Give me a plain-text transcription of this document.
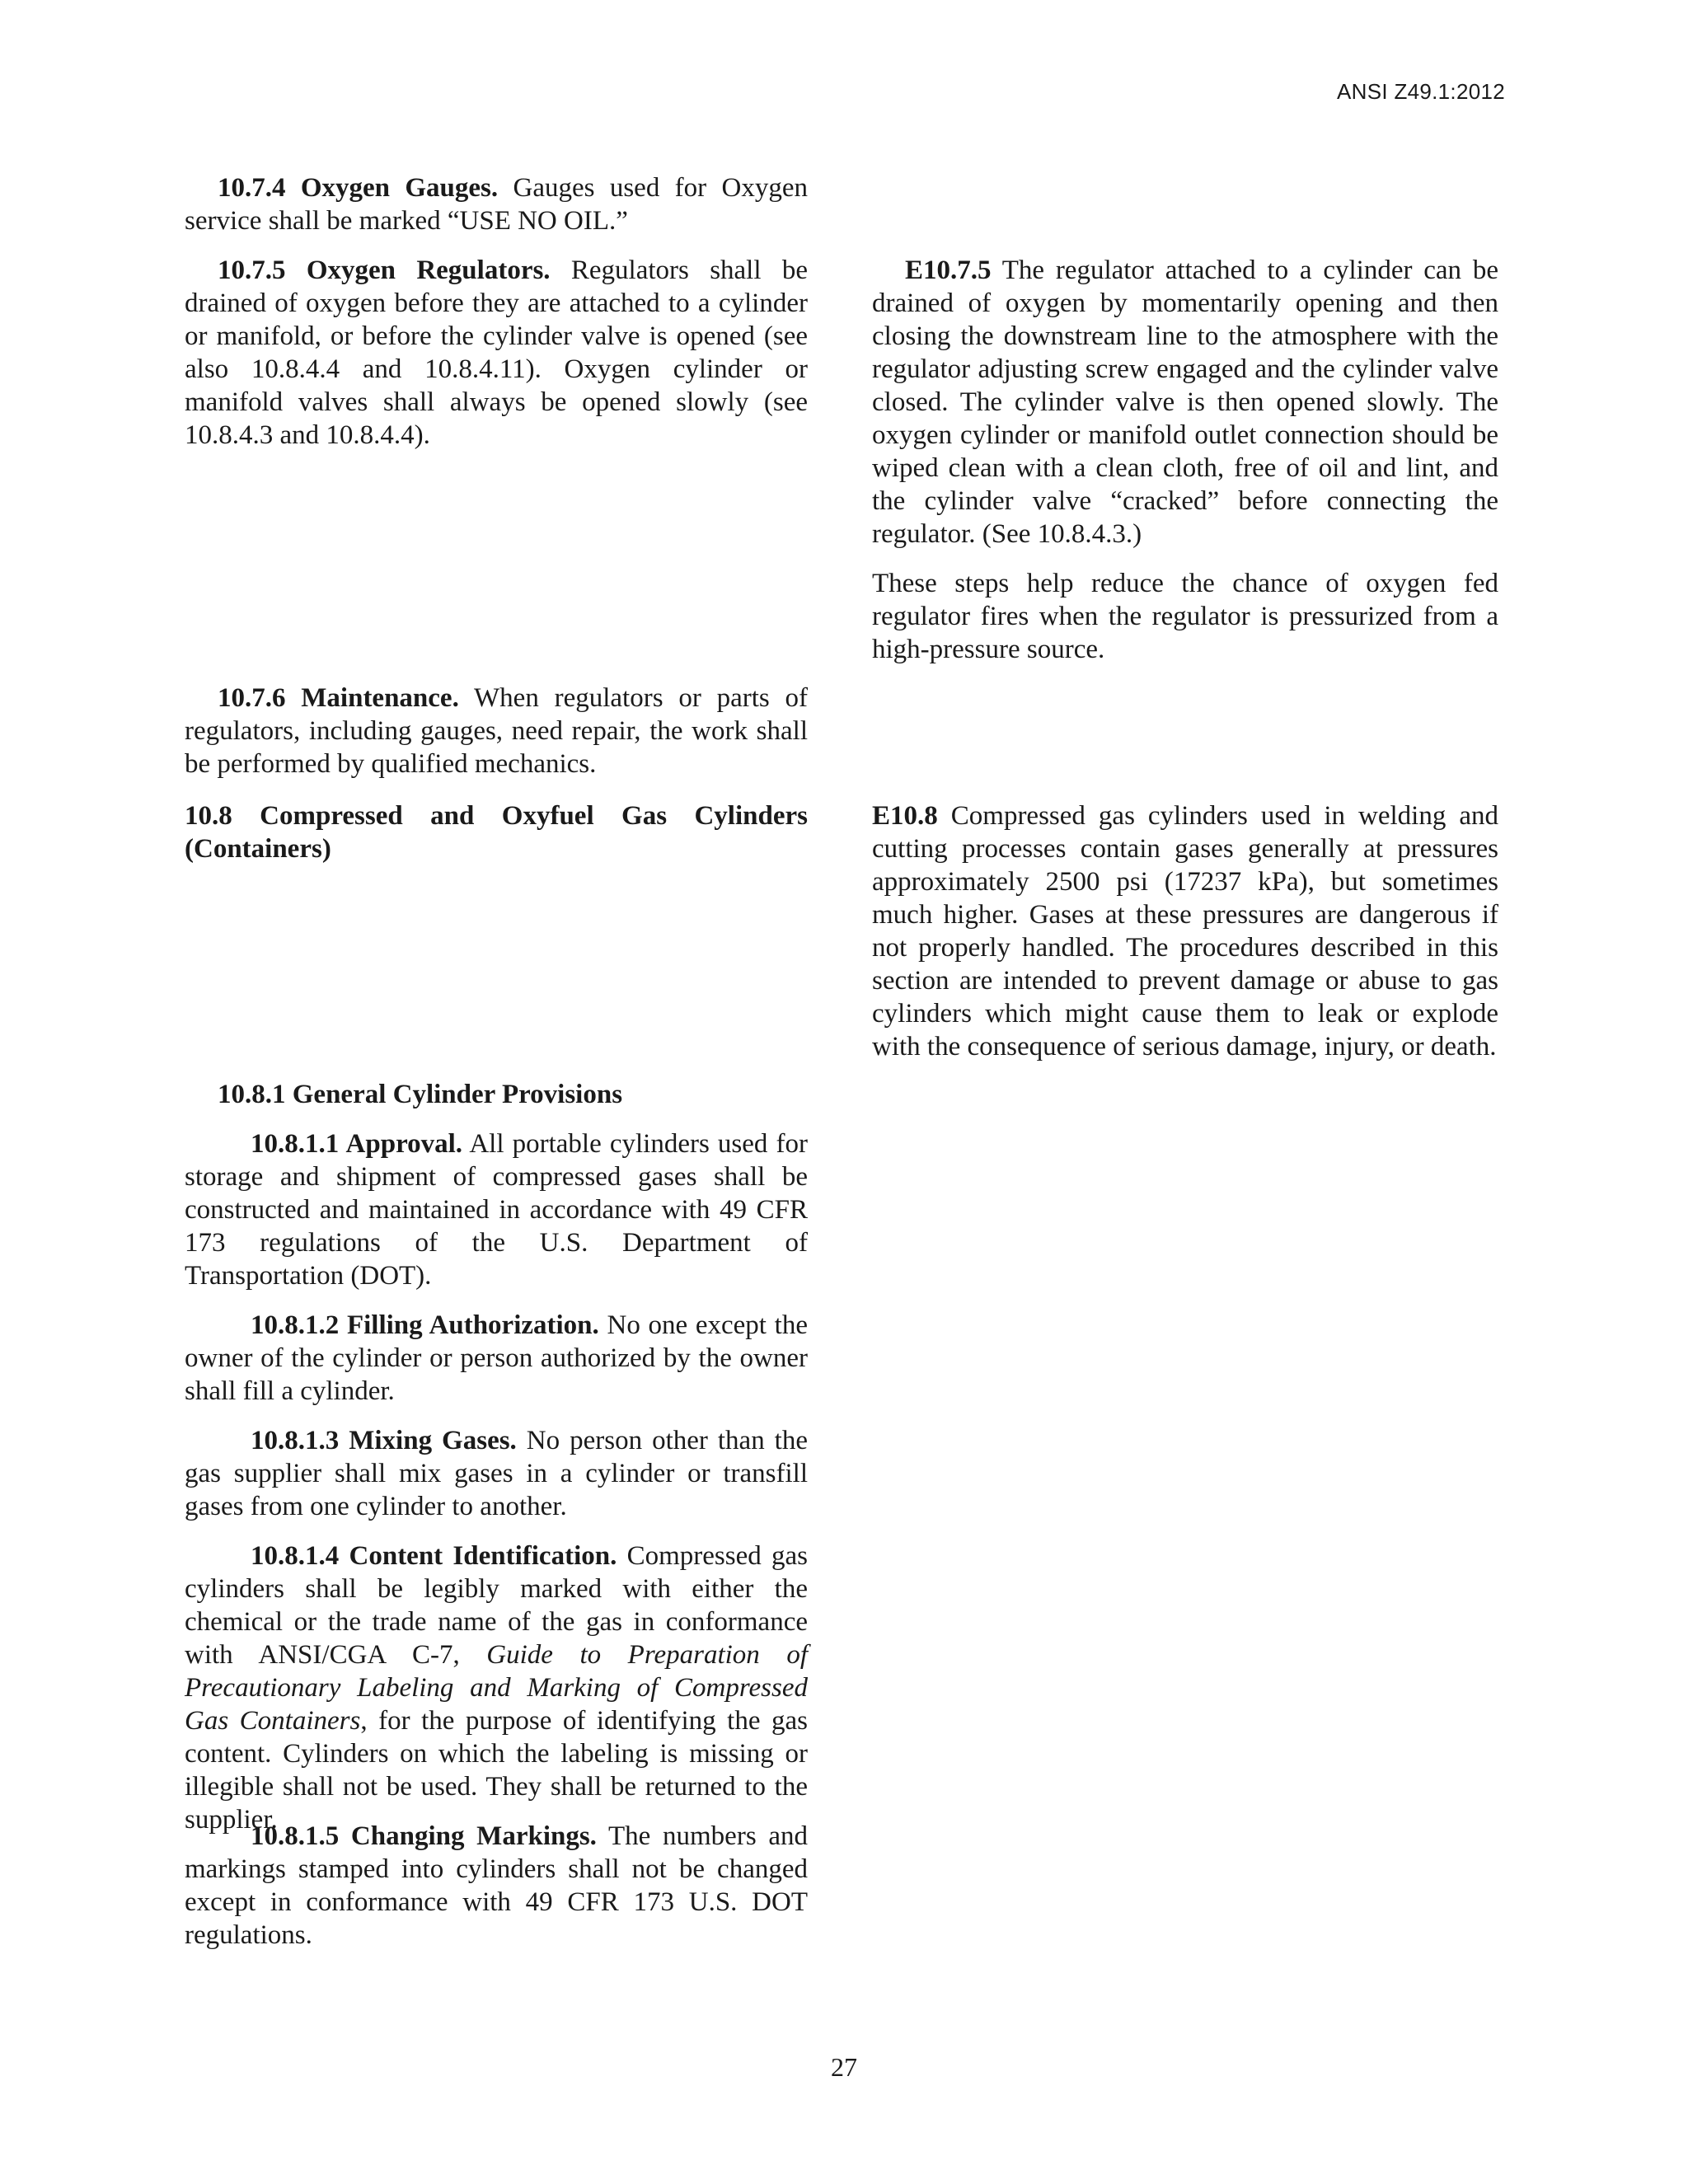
ANSI Z49.1:2012

10.7.4 Oxygen Gauges. Gauges used for Oxygen service shall be marked “USE NO OIL.”

10.7.5 Oxygen Regulators. Regulators shall be drained of oxygen before they are attached to a cylinder or manifold, or before the cylinder valve is opened (see also 10.8.4.4 and 10.8.4.11). Oxygen cylinder or manifold valves shall always be opened slowly (see 10.8.4.3 and 10.8.4.4).

10.7.6 Maintenance. When regulators or parts of regulators, including gauges, need repair, the work shall be performed by qualified mechanics.

10.8 Compressed and Oxyfuel Gas Cylinders (Containers)

10.8.1 General Cylinder Provisions

10.8.1.1 Approval. All portable cylinders used for storage and shipment of compressed gases shall be constructed and maintained in accordance with 49 CFR 173 regulations of the U.S. Department of Transportation (DOT).

10.8.1.2 Filling Authorization. No one except the owner of the cylinder or person authorized by the owner shall fill a cylinder.

10.8.1.3 Mixing Gases. No person other than the gas supplier shall mix gases in a cylinder or transfill gases from one cylinder to another.

10.8.1.4 Content Identification. Compressed gas cylinders shall be legibly marked with either the chemical or the trade name of the gas in conformance with ANSI/CGA C-7, Guide to Preparation of Precautionary Labeling and Marking of Compressed Gas Containers, for the purpose of identifying the gas content. Cylinders on which the labeling is missing or illegible shall not be used. They shall be returned to the supplier.

10.8.1.5 Changing Markings. The numbers and markings stamped into cylinders shall not be changed except in conformance with 49 CFR 173 U.S. DOT regulations.

E10.7.5 The regulator attached to a cylinder can be drained of oxygen by momentarily opening and then closing the downstream line to the atmosphere with the regulator adjusting screw engaged and the cylinder valve closed. The cylinder valve is then opened slowly. The oxygen cylinder or manifold outlet connection should be wiped clean with a clean cloth, free of oil and lint, and the cylinder valve “cracked” before connecting the regulator. (See 10.8.4.3.)

These steps help reduce the chance of oxygen fed regulator fires when the regulator is pressurized from a high-pressure source.

E10.8 Compressed gas cylinders used in welding and cutting processes contain gases generally at pressures approximately 2500 psi (17237 kPa), but sometimes much higher. Gases at these pressures are dangerous if not properly handled. The procedures described in this section are intended to prevent damage or abuse to gas cylinders which might cause them to leak or explode with the consequence of serious damage, injury, or death.

27
